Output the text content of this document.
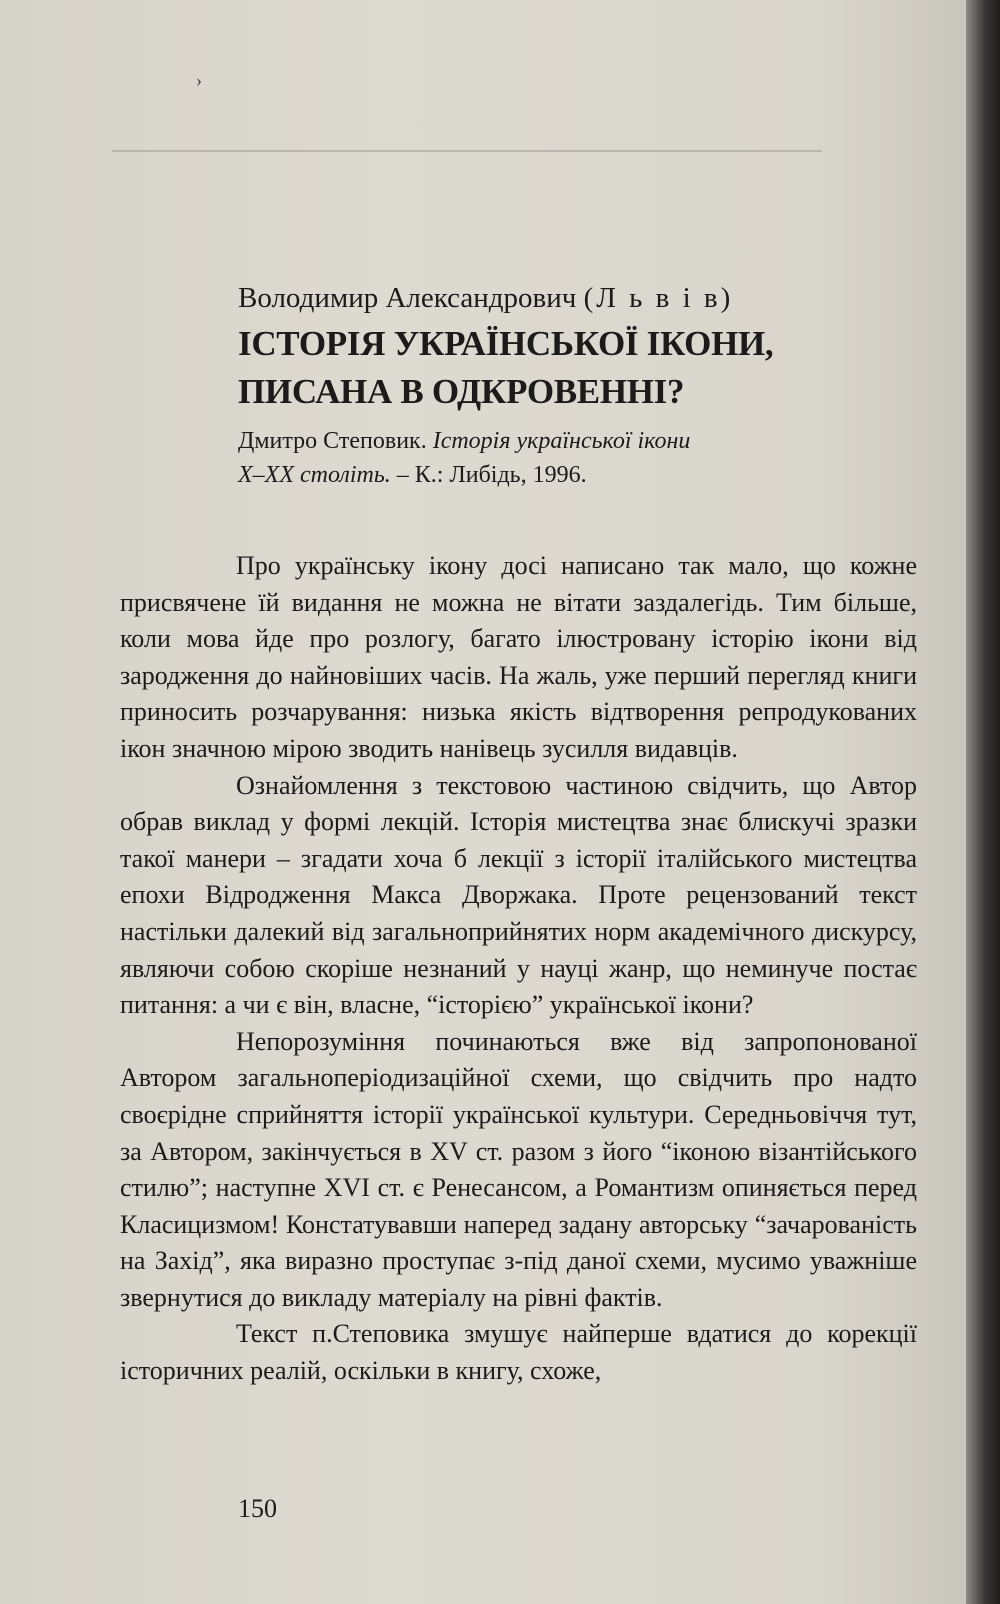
›
Володимир Александрович (Л ь в і в)
ІСТОРІЯ УКРАЇНСЬКОЇ ІКОНИ,
ПИСАНА В ОДКРОВЕННІ?
Дмитро Степовик. Історія української ікони
X–XX століть. – К.: Либідь, 1996.

Про українську ікону досі написано так мало, що кожне присвячене їй видання не можна не вітати заздалегідь. Тим більше, коли мова йде про розлогу, багато ілюстровану історію ікони від зародження до найновіших часів. На жаль, уже перший перегляд книги приносить розчарування: низька якість відтворення репродукованих ікон значною мірою зводить нанівець зусилля видавців.

Ознайомлення з текстовою частиною свідчить, що Автор обрав виклад у формі лекцій. Історія мистецтва знає блискучі зразки такої манери – згадати хоча б лекції з історії італійського мистецтва епохи Відродження Макса Дворжака. Проте рецензований текст настільки далекий від загальноприйнятих норм академічного дискурсу, являючи собою скоріше незнаний у науці жанр, що неминуче постає питання: а чи є він, власне, “історією” української ікони?

Непорозуміння починаються вже від запропонованої Автором загальноперіодизаційної схеми, що свідчить про надто своєрідне сприйняття історії української культури. Середньовіччя тут, за Автором, закінчується в XV ст. разом з його “іконою візантійського стилю”; наступне XVI ст. є Ренесансом, а Романтизм опиняється перед Класицизмом! Констатувавши наперед задану авторську “зачарованість на Захід”, яка виразно проступає з-під даної схеми, мусимо уважніше звернутися до викладу матеріалу на рівні фактів.

Текст п.Степовика змушує найперше вдатися до корекції історичних реалій, оскільки в книгу, схоже,

150
